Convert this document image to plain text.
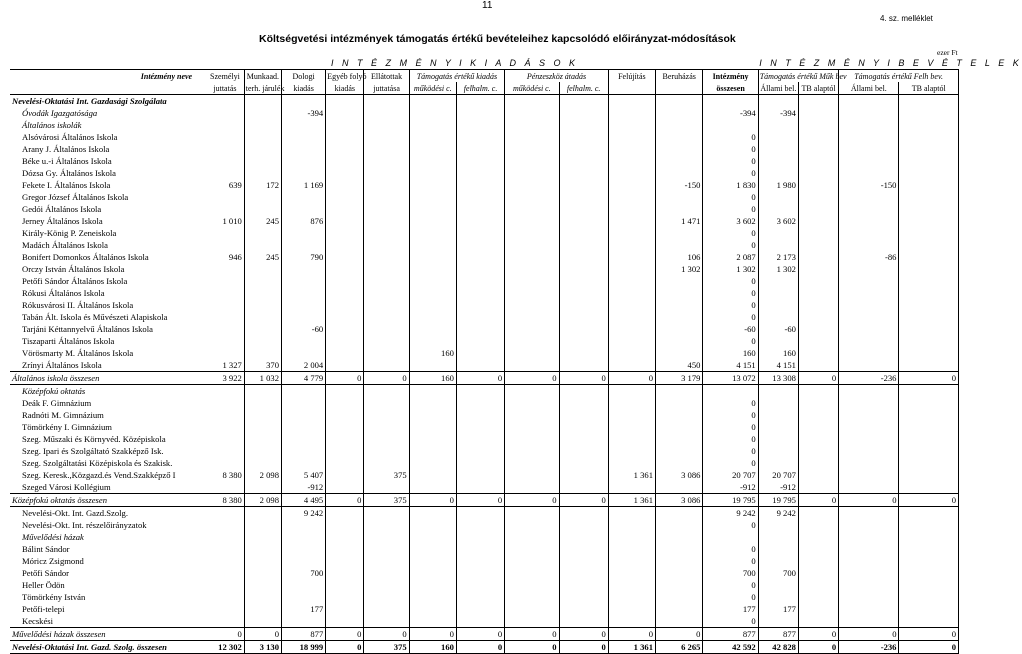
11
4. sz. melléklet
Költségvetési intézmények támogatás értékű bevételeihez kapcsolódó előirányzat-módosítások
ezer Ft
	I N T É Z M É N Y I K I A D Á S O K												I N T É Z M É N Y I B E V É T E L E K			
Intézmény neve	Személyi	Munkaad.	Dologi	Egyéb folyó	Ellátottak	Támogatás értékű kiadás		Pénzeszköz átadás		Felújítás	Beruházás	Intézmény	Támogatás értékű Műk bev		Támogatás értékű Felh bev.	
	juttatás	terh. járulék	kiadás	kiadás	juttatása	működési c.	felhalm. c.	működési c.	felhalm. c.			összesen	Állami bel.	TB alaptól	Állami bel.	TB alaptól
Nevelési-Oktatási Int. Gazdasági Szolgálata																
Óvodák Igazgatósága			-394									-394	-394			
Általános iskolák																
Alsóvárosi Általános Iskola												0				
Arany J. Általános Iskola												0				
Béke u.-i Általános Iskola												0				
Dózsa Gy. Általános Iskola												0				
Fekete I. Általános Iskola	639	172	1 169								-150	1 830	1 980		-150	
Gregor József Általános Iskola												0				
Gedói Általános Iskola												0				
Jerney Általános Iskola	1 010	245	876								1 471	3 602	3 602			
Király-König P. Zeneiskola												0				
Madách Általános Iskola												0				
Bonifert Domonkos Általános Iskola	946	245	790								106	2 087	2 173		-86	
Orczy István Általános Iskola											1 302	1 302	1 302			
Petőfi Sándor Általános Iskola												0				
Rókusi Általános Iskola												0				
Rókusvárosi II. Általános Iskola												0				
Tabán Ált. Iskola és Művészeti Alapiskola												0				
Tarjáni Kéttannyelvű Általános Iskola			-60									-60	-60			
Tiszaparti Általános Iskola												0				
Vörösmarty M. Általános Iskola						160						160	160			
Zrínyi Általános Iskola	1 327	370	2 004								450	4 151	4 151			
Általános iskola összesen	3 922	1 032	4 779	0	0	160	0	0	0	0	3 179	13 072	13 308	0	-236	0
Középfokú oktatás																
Deák F. Gimnázium												0				
Radnóti M. Gimnázium												0				
Tömörkény I. Gimnázium												0				
Szeg. Műszaki és Környvéd. Középiskola												0				
Szeg. Ipari és Szolgáltató Szakképző Isk.												0				
Szeg. Szolgáltatási Középiskola és Szakisk.												0				
Szeg. Keresk.,Közgazd.és Vend.Szakképző I	8 380	2 098	5 407		375					1 361	3 086	20 707	20 707			
Szeged Városi Kollégium			-912									-912	-912			
Középfokú oktatás összesen	8 380	2 098	4 495	0	375	0	0	0	0	1 361	3 086	19 795	19 795	0	0	0
Nevelési-Okt. Int. Gazd.Szolg.			9 242									9 242	9 242			
Nevelési-Okt. Int. részelőirányzatok												0				
Művelődési házak																
Bálint Sándor												0				
Móricz Zsigmond												0				
Petőfi Sándor			700									700	700			
Heller Ödön												0				
Tömörkény István												0				
Petőfi-telepi			177									177	177			
Kecskési												0				
Művelődési házak összesen	0	0	877	0	0	0	0	0	0	0	0	877	877	0	0	0
Nevelési-Oktatási Int. Gazd. Szolg. összesen	12 302	3 130	18 999	0	375	160	0	0	0	1 361	6 265	42 592	42 828	0	-236	0
